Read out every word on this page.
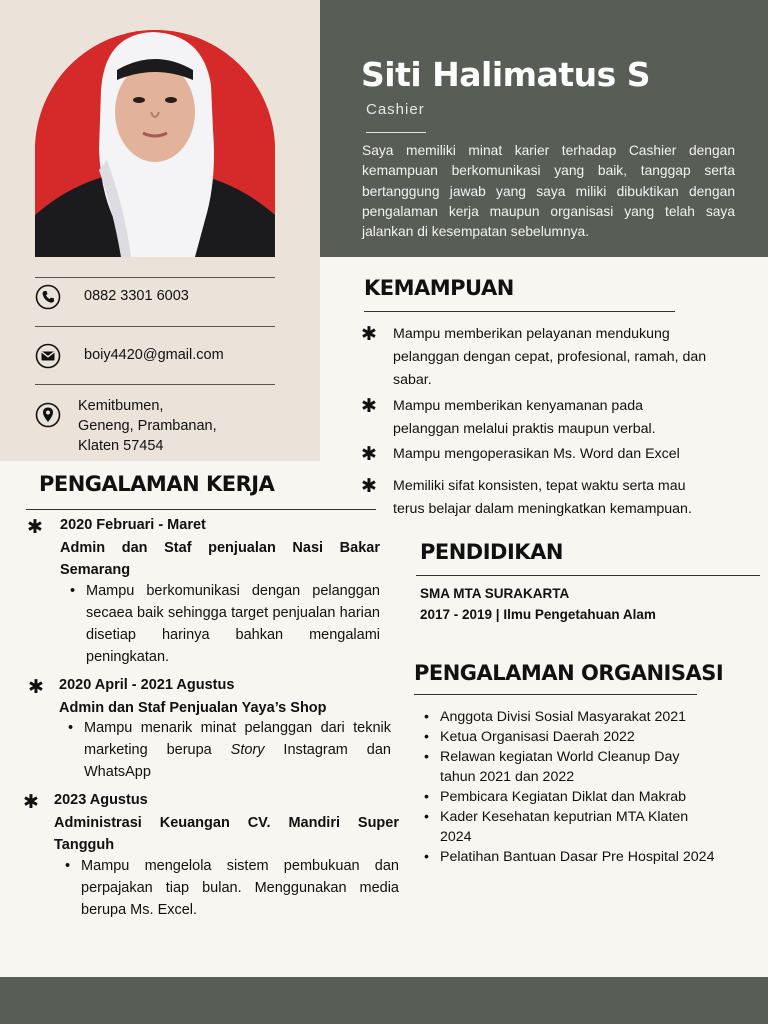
Siti Halimatus S
Cashier
Saya memiliki minat karier terhadap Cashier dengan kemampuan berkomunikasi yang baik, tanggap serta bertanggung jawab yang saya miliki dibuktikan dengan pengalaman kerja maupun organisasi yang telah saya jalankan di kesempatan sebelumnya.
0882 3301 6003
boiy4420@gmail.com
Kemitbumen,
Geneng, Prambanan,
Klaten 57454
KEMAMPUAN
✱ Mampu memberikan pelayanan mendukung pelanggan dengan cepat, profesional, ramah, dan sabar.
✱ Mampu memberikan kenyamanan pada pelanggan melalui praktis maupun verbal.
✱ Mampu mengoperasikan Ms. Word dan Excel
✱ Memiliki sifat konsisten, tepat waktu serta mau terus belajar dalam meningkatkan kemampuan.
PENGALAMAN KERJA
✱ 2020 Februari - Maret
Admin dan Staf penjualan Nasi Bakar Semarang
• Mampu berkomunikasi dengan pelanggan secaea baik sehingga target penjualan harian disetiap harinya bahkan mengalami peningkatan.
✱ 2020 April - 2021 Agustus
Admin dan Staf Penjualan Yaya’s Shop
• Mampu menarik minat pelanggan dari teknik marketing berupa Story Instagram dan WhatsApp
✱ 2023 Agustus
Administrasi Keuangan CV. Mandiri Super Tangguh
• Mampu mengelola sistem pembukuan dan perpajakan tiap bulan. Menggunakan media berupa Ms. Excel.
PENDIDIKAN
SMA MTA SURAKARTA
2017 - 2019 | Ilmu Pengetahuan Alam
PENGALAMAN ORGANISASI
• Anggota Divisi Sosial Masyarakat 2021
• Ketua Organisasi Daerah 2022
• Relawan kegiatan World Cleanup Day tahun 2021 dan 2022
• Pembicara Kegiatan Diklat dan Makrab
• Kader Kesehatan keputrian MTA Klaten 2024
• Pelatihan Bantuan Dasar Pre Hospital 2024
